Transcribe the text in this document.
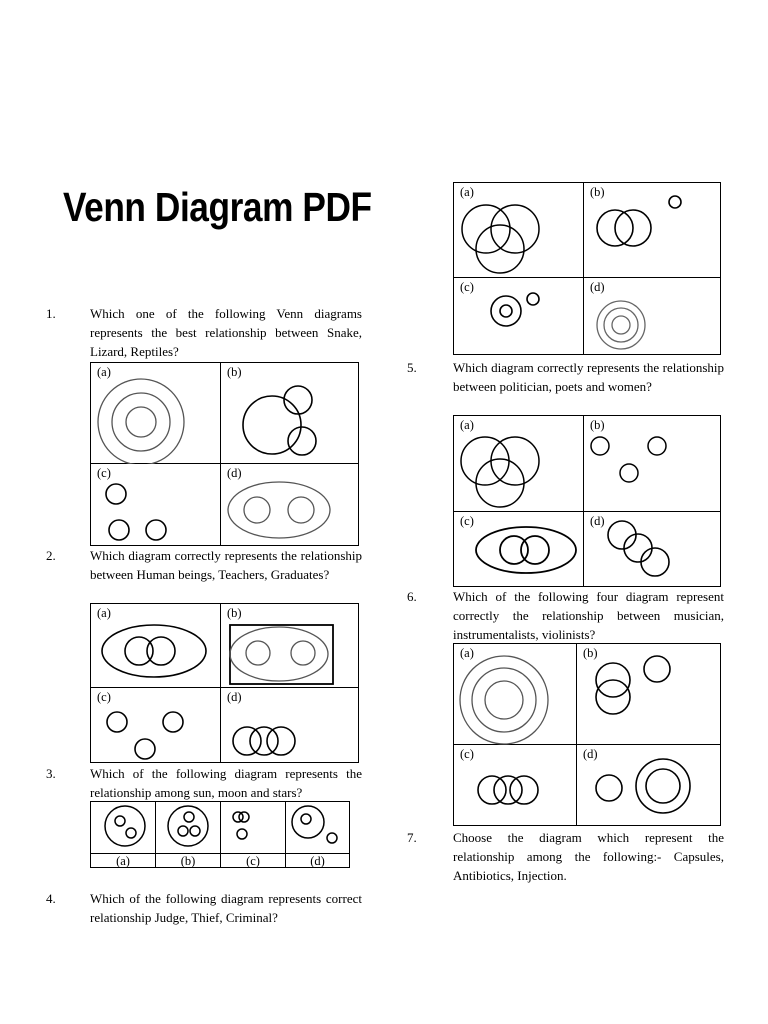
Venn Diagram PDF
1.	Which one of the following Venn diagrams represents the best relationship between Snake, Lizard, Reptiles?
(a)	(b)
(c)	(d)
2.	Which diagram correctly represents the relationship between Human beings, Teachers, Graduates?
(a)	(b)
(c)	(d)
3.	Which of the following diagram represents the relationship among sun, moon and stars?
(a)	(b)	(c)	(d)
4.	Which of the following diagram represents correct relationship Judge, Thief, Criminal?
(a)	(b)
(c)	(d)
5.	Which diagram correctly represents the relationship between politician, poets and women?
(a)	(b)
(c)	(d)
6.	Which of the following four diagram represent correctly the relationship between musician, instrumentalists, violinists?
(a)	(b)
(c)	(d)
7.	Choose the diagram which represent the relationship among the following:- Capsules, Antibiotics, Injection.
